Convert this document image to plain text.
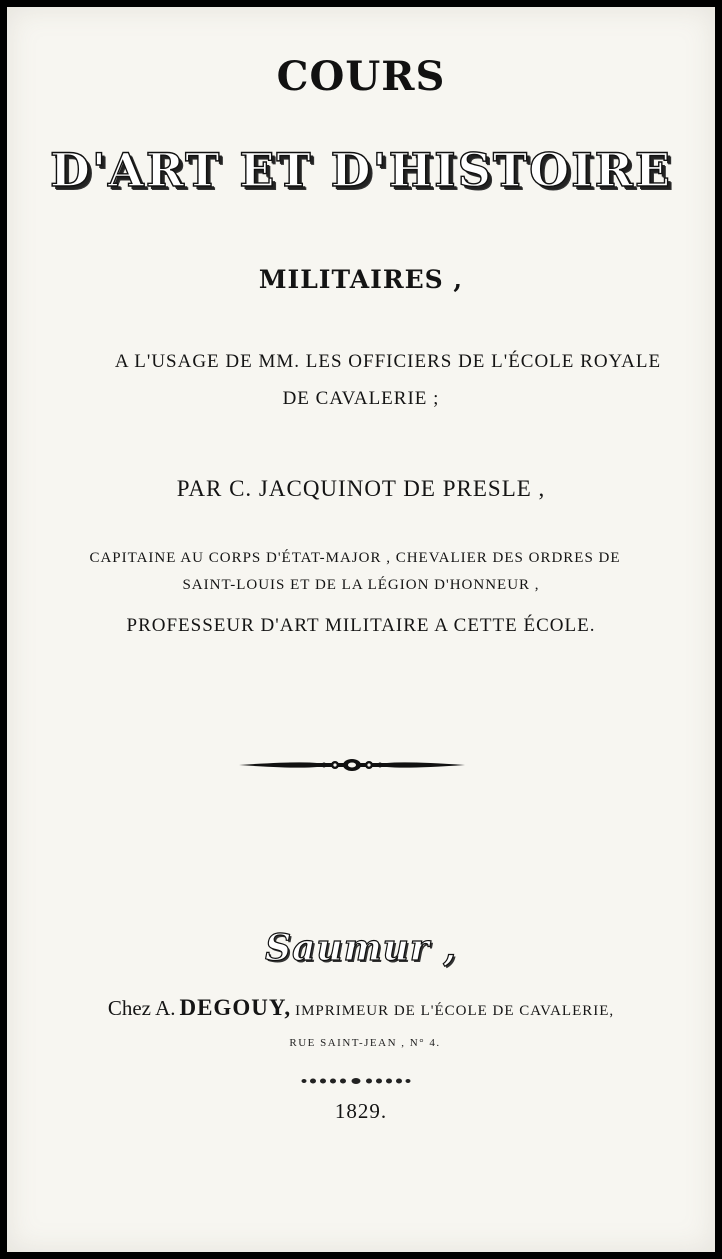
COURS
D'ART ET D'HISTOIRE
MILITAIRES ,
A L'USAGE DE MM. LES OFFICIERS DE L'ÉCOLE ROYALE
DE CAVALERIE ;
PAR C. JACQUINOT DE PRESLE ,
CAPITAINE AU CORPS D'ÉTAT-MAJOR , CHEVALIER DES ORDRES DE
SAINT-LOUIS ET DE LA LÉGION D'HONNEUR ,
PROFESSEUR D'ART MILITAIRE A CETTE ÉCOLE.
Saumur ,
Chez A. DEGOUY, IMPRIMEUR DE L'ÉCOLE DE CAVALERIE,
RUE SAINT-JEAN , N° 4.
1829.
